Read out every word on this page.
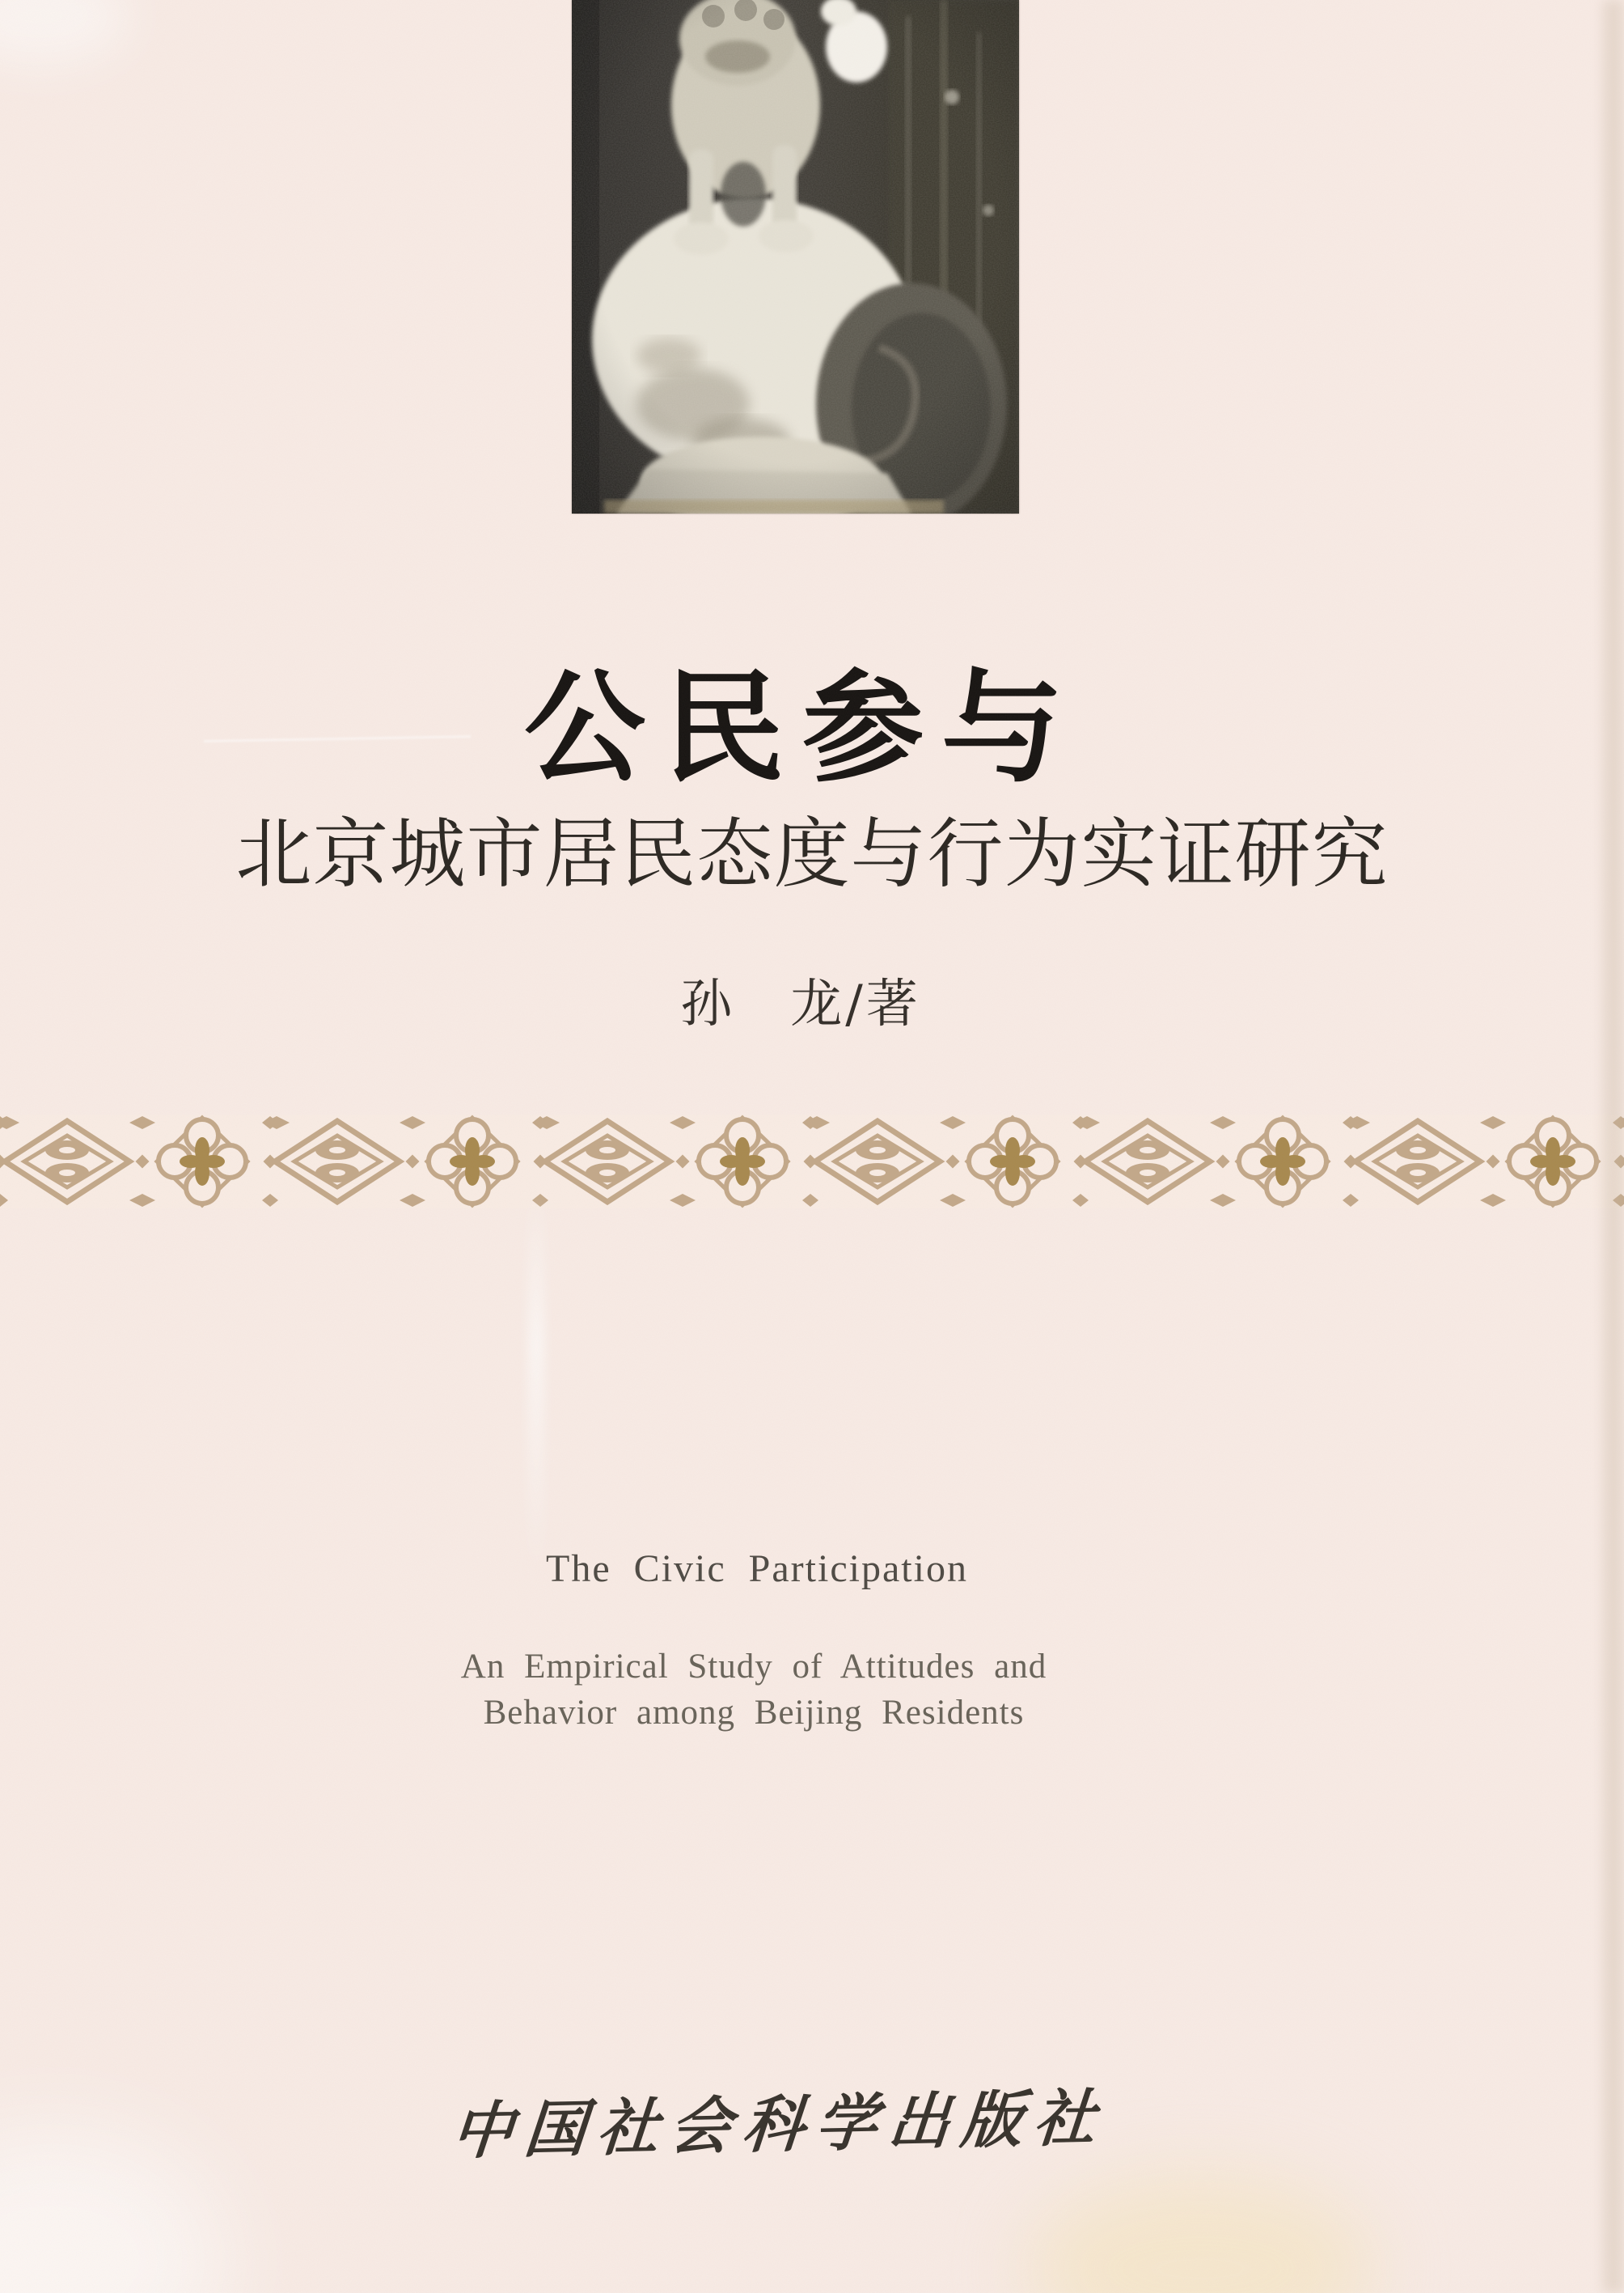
公民参与
北京城市居民态度与行为实证研究
孙　龙/著
The Civic Participation
An Empirical Study of Attitudes and
Behavior among Beijing Residents
中国社会科学出版社
